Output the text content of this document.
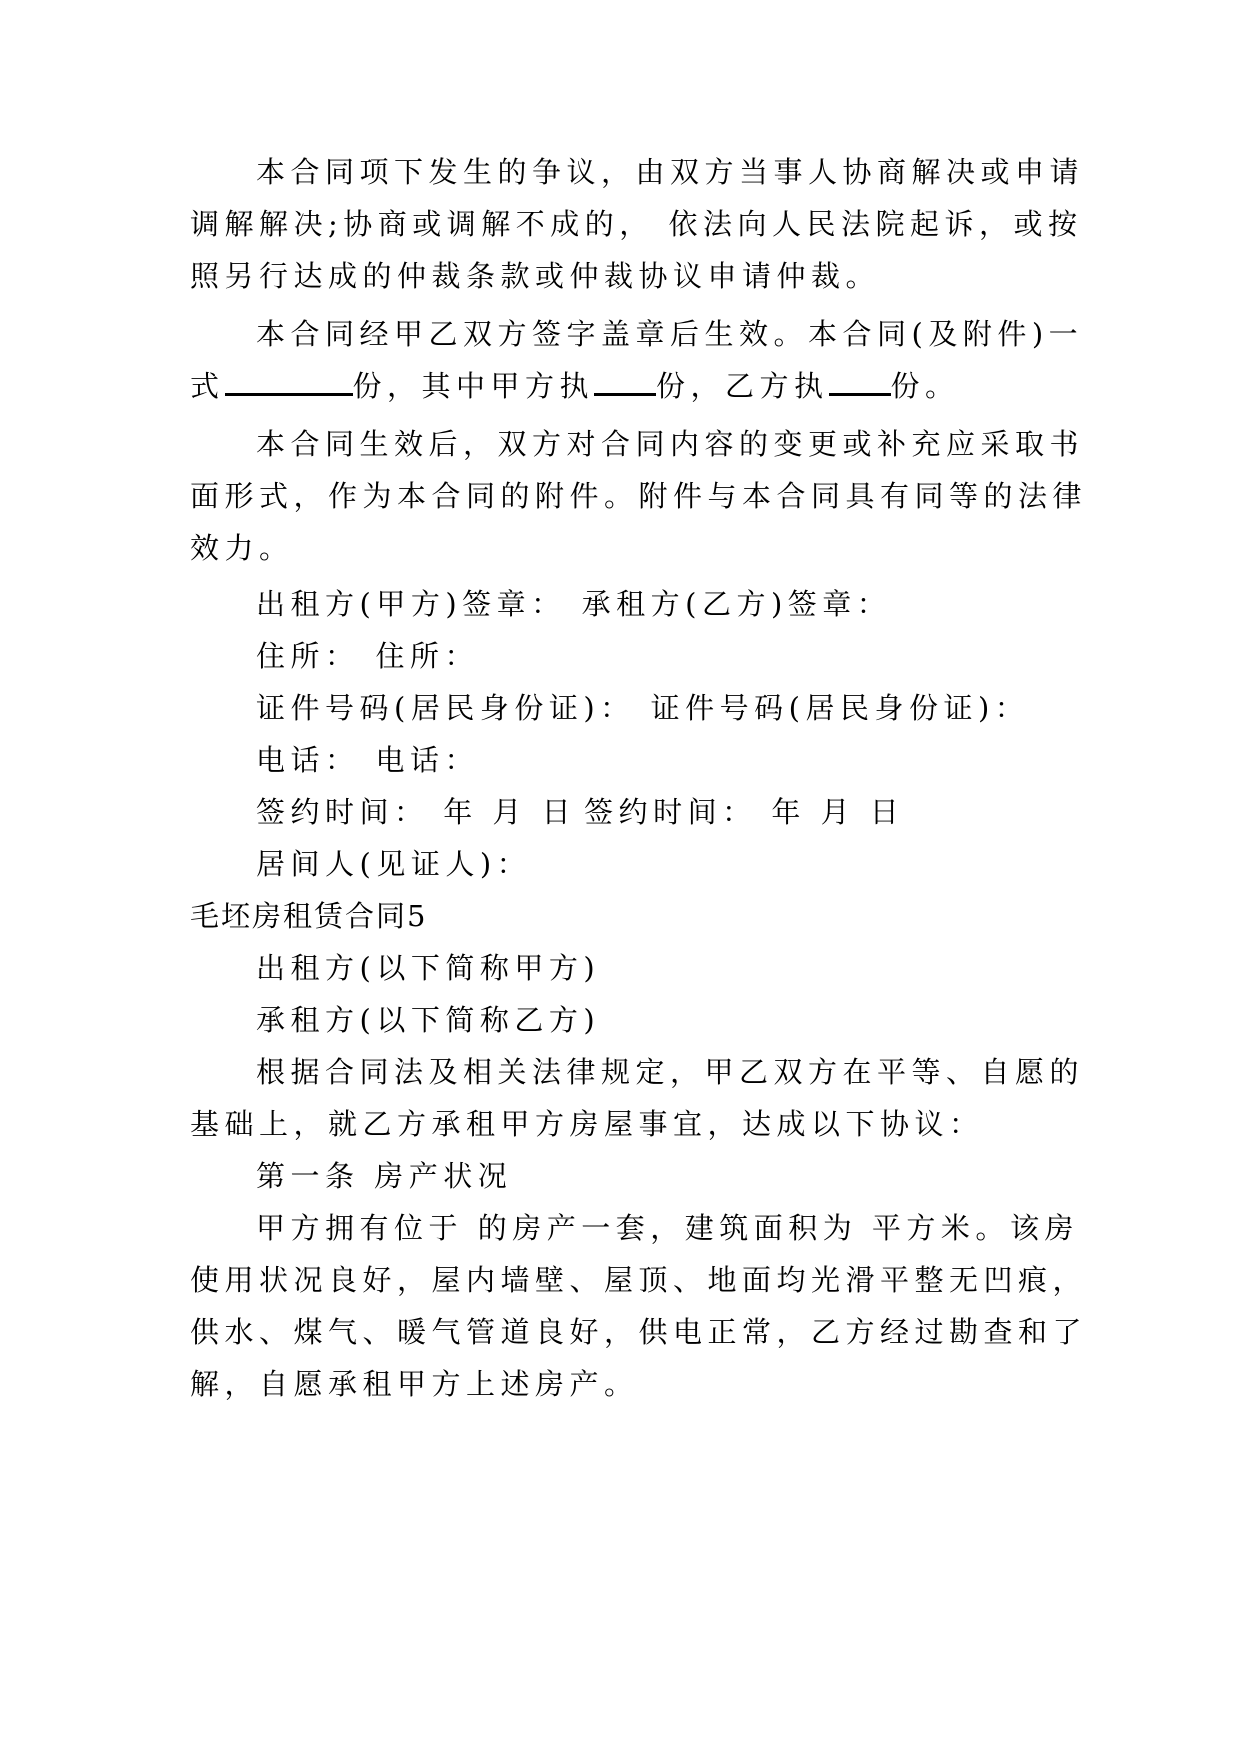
本合同项下发生的争议，由双方当事人协商解决或申请
调解解决;协商或调解不成的， 依法向人民法院起诉，或按
照另行达成的仲裁条款或仲裁协议申请仲裁。
本合同经甲乙双方签字盖章后生效。本合同(及附件)一
式	份，其中甲方执 份，乙方执 份。
本合同生效后，双方对合同内容的变更或补充应采取书
面形式，作为本合同的附件。附件与本合同具有同等的法律
效力。
出租方(甲方)签章： 承租方(乙方)签章：
住所： 住所：
证件号码(居民身份证)： 证件号码(居民身份证)：
电话： 电话：
签约时间： 年 月 日 签约时间： 年 月 日
居间人(见证人)：
毛坯房租赁合同5
出租方(以下简称甲方)
承租方(以下简称乙方)
根据合同法及相关法律规定，甲乙双方在平等、自愿的
基础上，就乙方承租甲方房屋事宜，达成以下协议：
第一条 房产状况
甲方拥有位于 的房产一套，建筑面积为 平方米。该房
使用状况良好，屋内墙壁、屋顶、地面均光滑平整无凹痕，
供水、煤气、暖气管道良好，供电正常，乙方经过勘查和了
解，自愿承租甲方上述房产。
